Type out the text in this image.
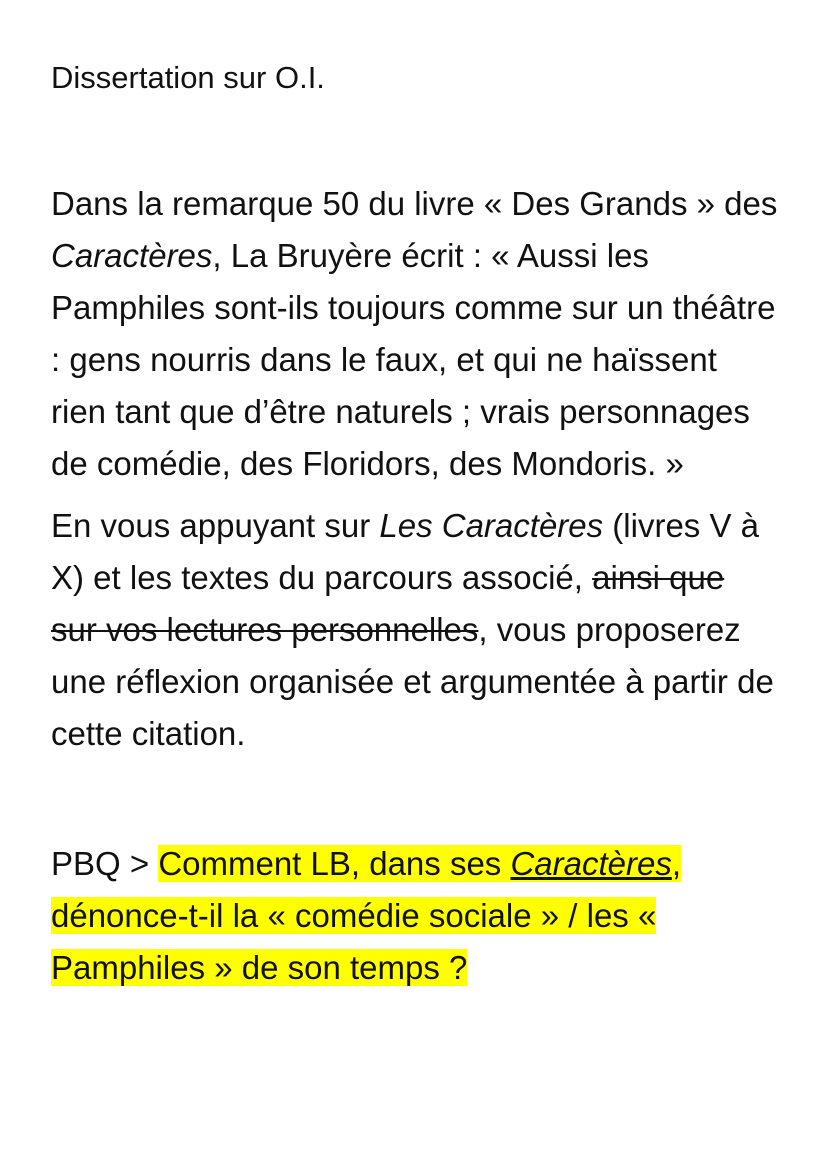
Dissertation sur O.I.

Dans la remarque 50 du livre « Des Grands » des Caractères, La Bruyère écrit : « Aussi les Pamphiles sont-ils toujours comme sur un théâtre : gens nourris dans le faux, et qui ne haïssent rien tant que d’être naturels ; vrais personnages de comédie, des Floridors, des Mondoris. »

En vous appuyant sur Les Caractères (livres V à X) et les textes du parcours associé, ainsi que sur vos lectures personnelles, vous proposerez une réflexion organisée et argumentée à partir de cette citation.

PBQ > Comment LB, dans ses Caractères, dénonce-t-il la « comédie sociale » / les « Pamphiles » de son temps ?
